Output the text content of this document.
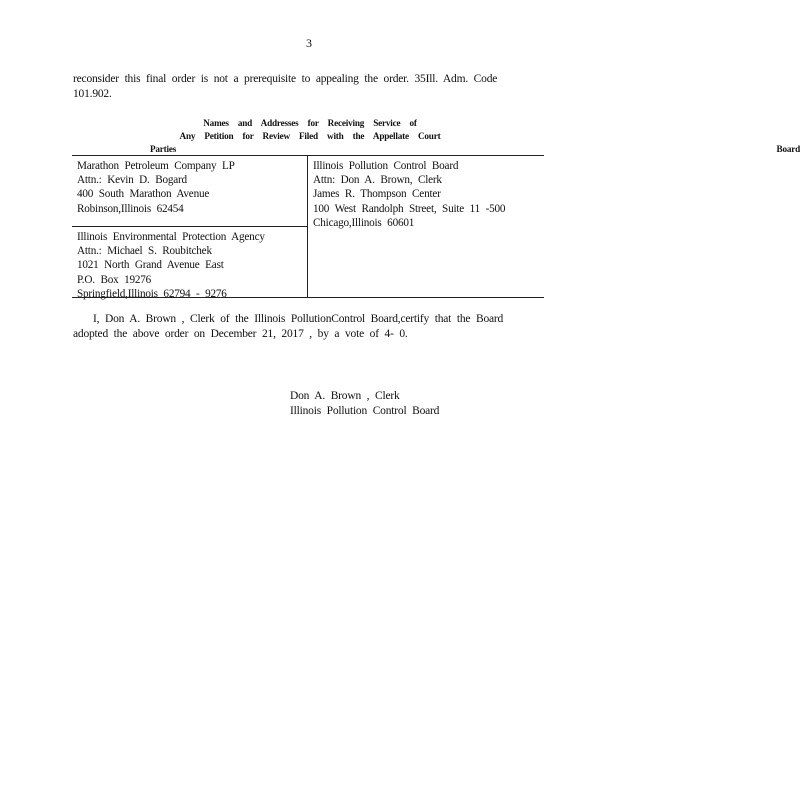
3
reconsider this final order is not a prerequisite to appealing the order. 35Ill. Adm. Code
101.902.
Names and Addresses for Receiving Service of
Any Petition for Review Filed with the Appellate Court
Parties                                                                  Board
Marathon Petroleum Company LP
Attn.: Kevin D. Bogard
400 South Marathon Avenue
Robinson,Illinois 62454
Illinois Pollution Control Board
Attn: Don A. Brown, Clerk
James R. Thompson Center
100 West Randolph Street, Suite 11 -500
Chicago,Illinois 60601
Illinois Environmental Protection Agency
Attn.: Michael S. Roubitchek
1021 North Grand Avenue East
P.O. Box 19276
Springfield,Illinois 62794 - 9276
I, Don A. Brown , Clerk of the Illinois PollutionControl Board,certify that the Board
adopted the above order on December 21, 2017 , by a vote of 4- 0.
Don A. Brown , Clerk
Illinois Pollution Control Board
